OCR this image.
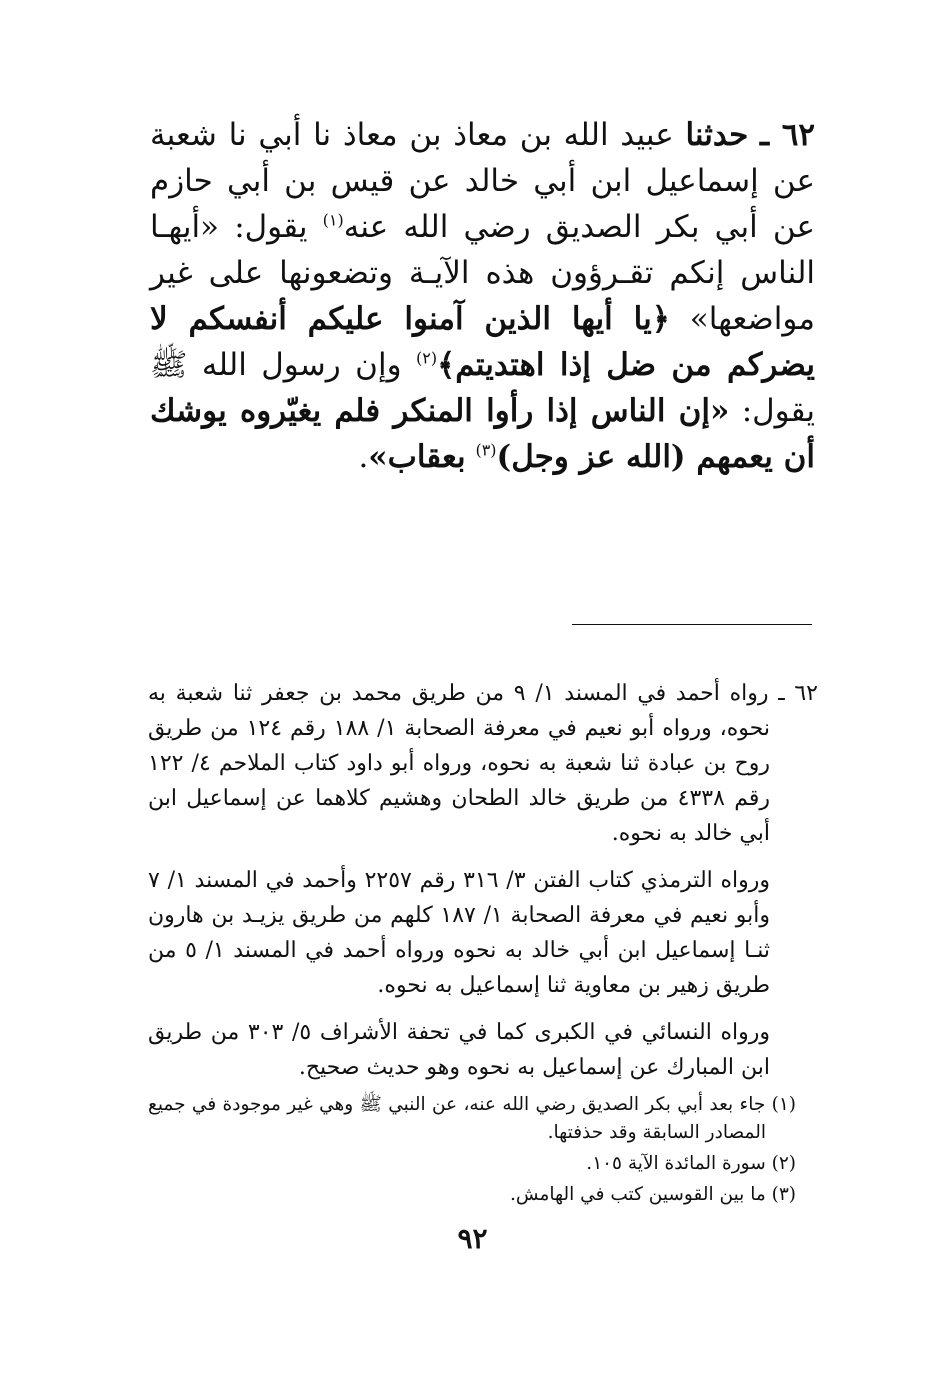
٦٢ ـ حدثنا عبيد الله بن معاذ بن معاذ نا أبي نا شعبة عن إسماعيل ابن أبي خالد عن قيس بن أبي حازم عن أبي بكر الصديق رضي الله عنه$^{(١)}$ يقول: «أيهـا الناس إنكم تقـرؤون هذه الآيـة وتضعونها على غير مواضعها» ﴿يا أيها الذين آمنوا عليكم أنفسكم لا يضركم من ضل إذا اهتديتم﴾$^{(٢)}$ وإن رسول الله ﷺ يقول: «إن الناس إذا رأوا المنكر فلم يغيّروه يوشك أن يعمهم (الله عز وجل)$^{(٣)}$ بعقاب».

٦٢ ـ رواه أحمد في المسند ١/ ٩ من طريق محمد بن جعفر ثنا شعبة به نحوه، ورواه أبو نعيم في معرفة الصحابة ١/ ١٨٨ رقم ١٢٤ من طريق روح بن عبادة ثنا شعبة به نحوه، ورواه أبو داود كتاب الملاحم ٤/ ١٢٢ رقم ٤٣٣٨ من طريق خالد الطحان وهشيم كلاهما عن إسماعيل ابن أبي خالد به نحوه.

ورواه الترمذي كتاب الفتن ٣/ ٣١٦ رقم ٢٢٥٧ وأحمد في المسند ١/ ٧ وأبو نعيم في معرفة الصحابة ١/ ١٨٧ كلهم من طريق يزيـد بن هارون ثنـا إسماعيل ابن أبي خالد به نحوه ورواه أحمد في المسند ١/ ٥ من طريق زهير بن معاوية ثنا إسماعيل به نحوه.

ورواه النسائي في الكبرى كما في تحفة الأشراف ٥/ ٣٠٣ من طريق ابن المبارك عن إسماعيل به نحوه وهو حديث صحيح.

(١) جاء بعد أبي بكر الصديق رضي الله عنه، عن النبي ﷺ وهي غير موجودة في جميع المصادر السابقة وقد حذفتها.

(٢) سورة المائدة الآية ١٠٥.

(٣) ما بين القوسين كتب في الهامش.

٩٢
